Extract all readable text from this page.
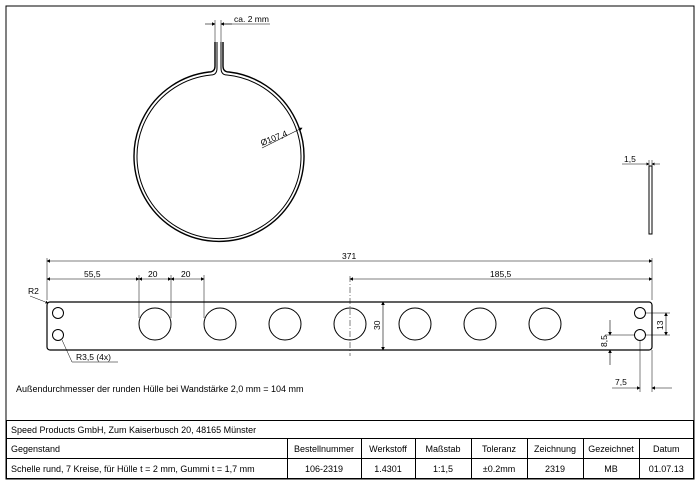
ca. 2 mm
Ø107,4
1,5
371
55,5	20	20	185,5
30
R2
R3,5 (4x)
13
8,5
7,5
Außendurchmesser der runden Hülle bei Wandstärke 2,0 mm = 104 mm
Speed Products GmbH, Zum Kaiserbusch 20, 48165 Münster
Gegenstand	Bestellnummer	Werkstoff	Maßstab	Toleranz	Zeichnung	Gezeichnet	Datum
Schelle rund, 7 Kreise, für Hülle t = 2 mm, Gummi t = 1,7 mm	106-2319	1.4301	1:1,5	±0.2mm	2319	MB	01.07.13
